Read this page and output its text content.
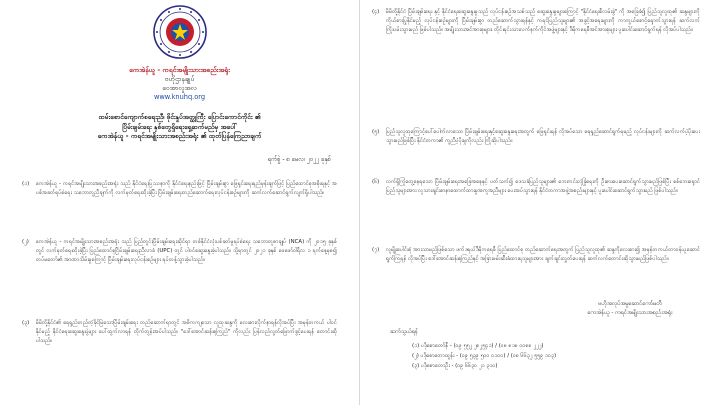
ကေအဲန်ယူ - ကရင်အမျိုးသားအစည်းအရုံး
ဗဟိုဌာနချုပ်
ဝေအာလူအလ
www.knuhq.org
ထမ်းစောင်ကျောက်စရေးညီ၊ ဖိုင်းနှုပ်အတ္ထုကြီး ပြောင်းကောင်ကိုင်း ၏
ပြိမ်းချမ်းရေး နှစ်တွေရှိရေးရှေ့ဆက်မည်မှ အပေါ်
ကေအဲန်ယူ - ကရင်အမျိုးသားအစည်းအရုံး ၏ ထုတ်ပြန်ကြေညာချက်
ရက်စွဲ - ၈ မေလ၊ ၂၀၂၂ ခုနှစ်
(၁) ကေအဲန်ယူ - ကရင်အမျိုးသားအစည်းအရုံး သည် နိုင်ငံရေးပြဿနာကို နိုင်ငံရေးနည်းဖြင့် ပြိမ်းချမ်းစွာ ဖြေရှင်းရေးရည်မှန်းချက်ဖြင့် ပြည်ထောင်စုအစိုးရနှင့် အပစ်အခတ်ရပ်စဲရေး သဘောတူညီချက်ကို လက်မှတ်ရေးထိုးခဲ့ပြီး ပြိမ်းချမ်းရေးတည်ဆောက်ရေးလုပ်ငန်းစဉ်များကို ဆက်လက်ဆောင်ရွက်လျက်ရှိပါသည်။
(၂) ကေအဲန်ယူ - ကရင်အမျိုးသားအစည်းအရုံး သည် ပြည်တွင်းပြိမ်းချမ်းရေးဆိုင်ရာ တစ်နိုင်ငံလုံးပစ်ခတ်မှုရပ်စဲရေး သဘောတူစာချုပ် (NCA) ကို ၂၀၁၅ ခုနှစ်တွင် လက်မှတ်ရေးထိုးခဲ့ပြီး ပြည်ထောင်စုငြိမ်းချမ်းရေးညီလာခံ (UPC) တွင် ပါဝင်ဆွေးနွေးခဲ့ပါသည်။ သို့ရာတွင် ၂၀၂၁ ခုနှစ် ဖေဖော်ဝါရီလ ၁ ရက်နေ့မှစ၍ တပ်မတော်၏ အာဏာသိမ်းမှုကြောင့် ပြိမ်းချမ်းရေးလုပ်ငန်းစဉ်များ ရပ်တန့်သွားခဲ့ပါသည်။
(၃) မိမိတို့နိုင်ငံ၏ ရေရှည်တည်တံ့ခိုင်မြဲသောပြိမ်းချမ်းရေး တည်ဆောက်ရာတွင် အဓိကကျသော လူထုဆန္ဒကို လေးစားလိုက်နာရန်လိုအပ်ပြီး အမှန်တကယ် ပါဝင်နိုင်မည့် နိုင်ငံရေးဆွေးနွေးပွဲများ ပေါ်ထွက်လာရန် တိုက်တွန်းအပ်ပါသည်။ "ဒေါ်အောင်ဆန်းစုကြည်" ကိုလည်း ပြန်လည်လွတ်မြောက်ခွင့်ပေးရန် တောင်းဆိုပါသည်။
(၄) မိမိတို့နိုင်ငံ ပြိမ်းချမ်းရေး နှင့် နိုင်ငံရေးဆွေးနွေးမှုသည် လုပ်ငန်းစဉ်အသစ်သည် ဆွေးနွေးမှုများကြောင့် "နိုင်ငံရေးစီလမ်းခွဲ" ကို အခြေခံ၍ ပြည်သူလူထု၏ ဆန္ဒများကို ကိုယ်စားပြုနိုင်မည့် လုပ်ငန်းစဉ်များကို ပြိမ်းချမ်းစွာ တည်ဆောက်သွားရန်နှင့် ကရင်ပြည်သူများ၏ အခွင့်အရေးများကို ကာကွယ်စောင့်ရှောက်သွားရန် ဆက်လက်ကြိုးပမ်းသွားမည် ဖြစ်ပါသည်။ အမျိုးသားအင်အားစုများ၊ တိုင်းရင်းသားလက်နက်ကိုင်အဖွဲ့များနှင့် ဒီမိုကရေစီအင်အားစုများ ပူးပေါင်းဆောင်ရွက်ရန် လိုအပ်ပါသည်။
(၅) ပြည်သူလူထုကြောင့်ပေါ်ပေါက်လာသော ပြိမ်းချမ်းရေးနှင့်ဆွေးနွေးရေးအတွက် ဖြေရှင်းရန် လိုအပ်သော ရေရှည်ဆောင်ရွက်ရမည့် လုပ်ငန်းများကို ဆက်လက်ပံ့ပိုးပေးသွားမည်ဖြစ်ပြီး နိုင်ငံတကာ၏ ကူညီပံ့ပိုးမှုကိုလည်း ကြိုဆိုပါသည်။
(၆) လက်ရှိကြုံတွေ့နေရသော ပြိမ်းချမ်းရေးအခြေအနေနှင့် ပတ်သက်၍ ဒေသခံပြည်သူများ၏ ဘေးကင်းလုံခြုံရေးကို ဦးစားပေးဆောင်ရွက်သွားမည်ဖြစ်ပြီး စစ်ဘေးရှောင်ပြည်သူများအား လူသားချင်းစာနာထောက်ထားမှုအကူအညီများ ပေးအပ်သွားရန် နိုင်ငံတကာအဖွဲ့အစည်းများနှင့် ပူးပေါင်းဆောင်ရွက်သွားမည် ဖြစ်ပါသည်။
(၇) လူမျိုးပေါင်းစုံ အားသာမည်ဖြစ်သော ဖက်ဒရယ်ဒီမိုကရေစီ ပြည်ထောင်စု တည်ဆောက်ရေးအတွက် ပြည်သူလူထု၏ ဆန္ဒကိုလေးစား၍ အမှန်တကယ်တာဝန်ယူဆောင်ရွက်ကြရန် လိုအပ်ပြီး ဒေါ်အောင်ဆန်းစုကြည်နှင့် အခြားဖမ်းဆီးခံထားရသူများအား ချက်ချင်းလွှတ်ပေးရန် ဆက်လက်တောင်းဆိုသွားမည်ဖြစ်ပါသည်။
ဗဟိုအလုပ်အမှုဆောင်ကော်မတီ
ကေအဲန်ယူ - ကရင်အမျိုးသားအစည်းအရုံး
ဆက်သွယ်ရန်
(၁) ပဒိုစောတော်နီ - (၀၉ ၅၅၂ ၂၈၂၅၄၁) / (၀၈ ၈၁၈ ၀၀၈၈ ၂၂၂)
(၂) ပဒိုစောတောထွန်း - (၀၉ ၅၃၉ ၅၀၀ ၀၁၀၀) / (၀၈ ၆၆၃၂ ၅၅၉ ၁၀၃)
(၃) ပဒိုစောတောဦး - (၀၉ ၆၆၃၀ ၂၁ ၃၁၀)
